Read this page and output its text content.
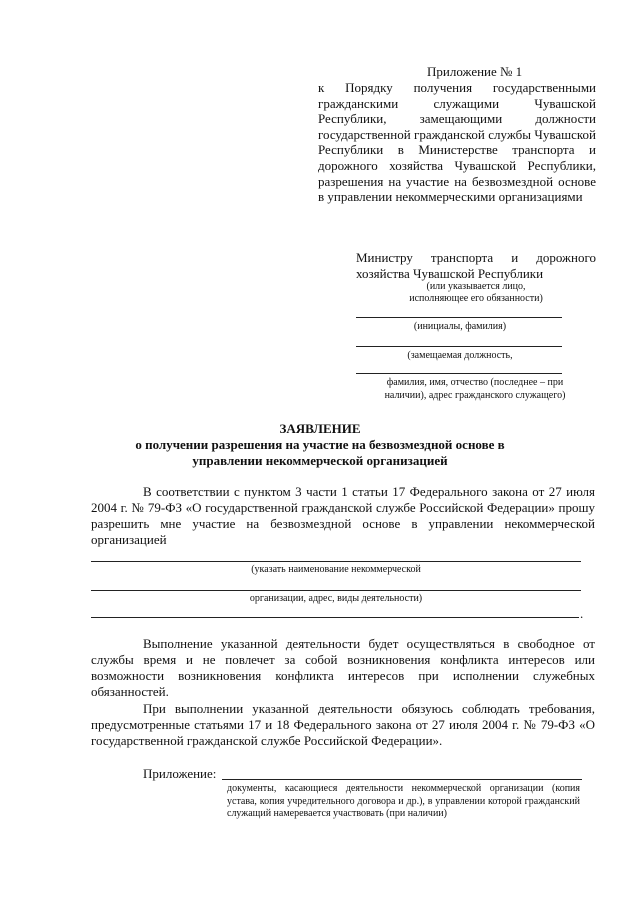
Приложение № 1
к Порядку получения государственными гражданскими служащими Чувашской Республики, замещающими должности государственной гражданской службы Чувашской Республики в Министерстве транспорта и дорожного хозяйства Чувашской Республики, разрешения на участие на безвозмездной основе в управлении некоммерческими организациями
Министру транспорта и дорожного хозяйства Чувашской Республики
(или указывается лицо,
исполняющее его обязанности)
(инициалы, фамилия)
(замещаемая должность,
фамилия, имя, отчество (последнее – при наличии), адрес гражданского служащего)
ЗАЯВЛЕНИЕ
о получении разрешения на участие на безвозмездной основе в управлении некоммерческой организацией
В соответствии с пунктом 3 части 1 статьи 17 Федерального закона от 27 июля 2004 г. № 79-ФЗ «О государственной гражданской службе Российской Федерации» прошу разрешить мне участие на безвозмездной основе в управлении некоммерческой организацией
(указать наименование некоммерческой
организации, адрес, виды деятельности)
.
Выполнение указанной деятельности будет осуществляться в свободное от службы время и не повлечет за собой возникновения конфликта интересов или возможности возникновения конфликта интересов при исполнении служебных обязанностей.
При выполнении указанной деятельности обязуюсь соблюдать требования, предусмотренные статьями 17 и 18 Федерального закона от 27 июля 2004 г. № 79-ФЗ «О государственной гражданской службе Российской Федерации».
Приложение:
документы, касающиеся деятельности некоммерческой организации (копия устава, копия учредительного договора и др.), в управлении которой гражданский служащий намеревается участвовать (при наличии)
